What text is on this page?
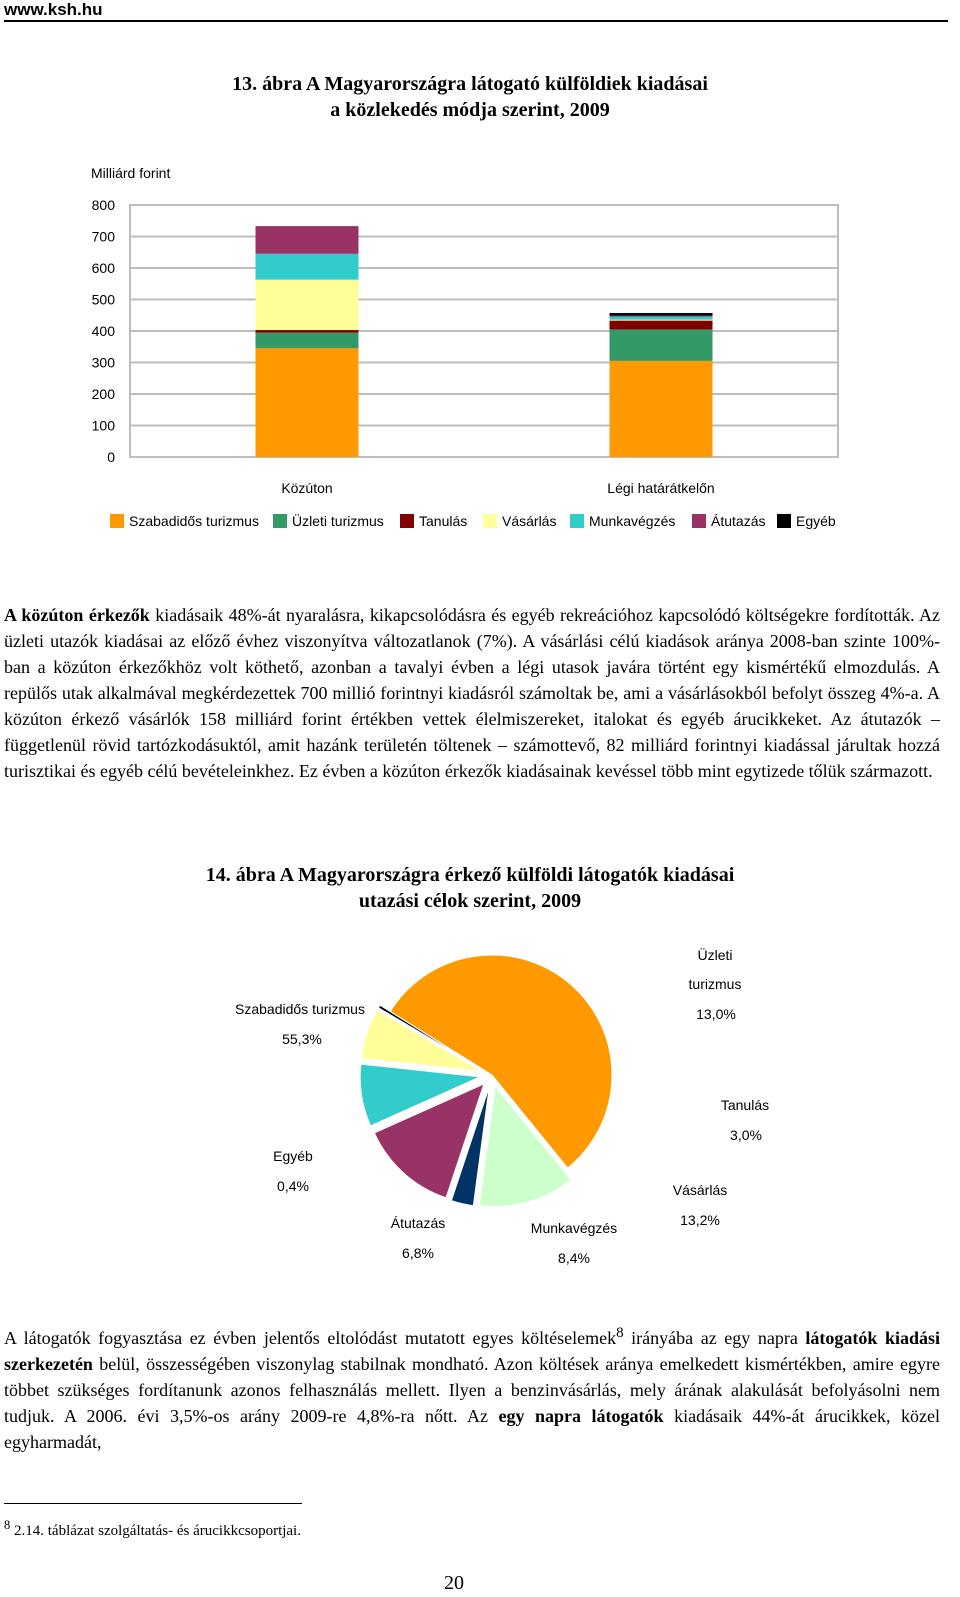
www.ksh.hu
13. ábra A Magyarországra látogató külföldiek kiadásai
a közlekedés módja szerint, 2009
Milliárd forint
0
100
200
300
400
500
600
700
800
Közúton	Légi határátkelőn
Szabadidős turizmus Üzleti turizmus	Tanulás Vásárlás Munkavégzés	Átutazás Egyéb

A közúton érkezők kiadásaik 48%-át nyaralásra, kikapcsolódásra és egyéb rekreációhoz kapcsolódó költségekre fordították. Az üzleti utazók kiadásai az előző évhez viszonyítva változatlanok (7%). A vásárlási célú kiadások aránya 2008-ban szinte 100%-ban a közúton érkezőkhöz volt köthető, azonban a tavalyi évben a légi utasok javára történt egy kismértékű elmozdulás. A repülős utak alkalmával megkérdezettek 700 millió forintnyi kiadásról számoltak be, ami a vásárlásokból befolyt összeg 4%-a. A közúton érkező vásárlók 158 milliárd forint értékben vettek élelmiszereket, italokat és egyéb árucikkeket. Az átutazók – függetlenül rövid tartózkodásuktól, amit hazánk területén töltenek – számottevő, 82 milliárd forintnyi kiadással járultak hozzá turisztikai és egyéb célú bevételeinkhez. Ez évben a közúton érkezők kiadásainak kevéssel több mint egytizede tőlük származott.

14. ábra A Magyarországra érkező külföldi látogatók kiadásai
utazási célok szerint, 2009
Szabadidős turizmus
55,3%
Üzleti
turizmus
13,0%
Tanulás
3,0%
Vásárlás
13,2%
Munkavégzés
8,4%
Átutazás
6,8%
Egyéb
0,4%

A látogatók fogyasztása ez évben jelentős eltolódást mutatott egyes költéselemek$^8$ irányába az egy napra látogatók kiadási szerkezetén belül, összességében viszonylag stabilnak mondható. Azon költések aránya emelkedett kismértékben, amire egyre többet szükséges fordítanunk azonos felhasználás mellett. Ilyen a benzinvásárlás, mely árának alakulását befolyásolni nem tudjuk. A 2006. évi 3,5%-os arány 2009-re 4,8%-ra nőtt. Az egy napra látogatók kiadásaik 44%-át árucikkek, közel egyharmadát,

$^8$ 2.14. táblázat szolgáltatás- és árucikkcsoportjai.
20
